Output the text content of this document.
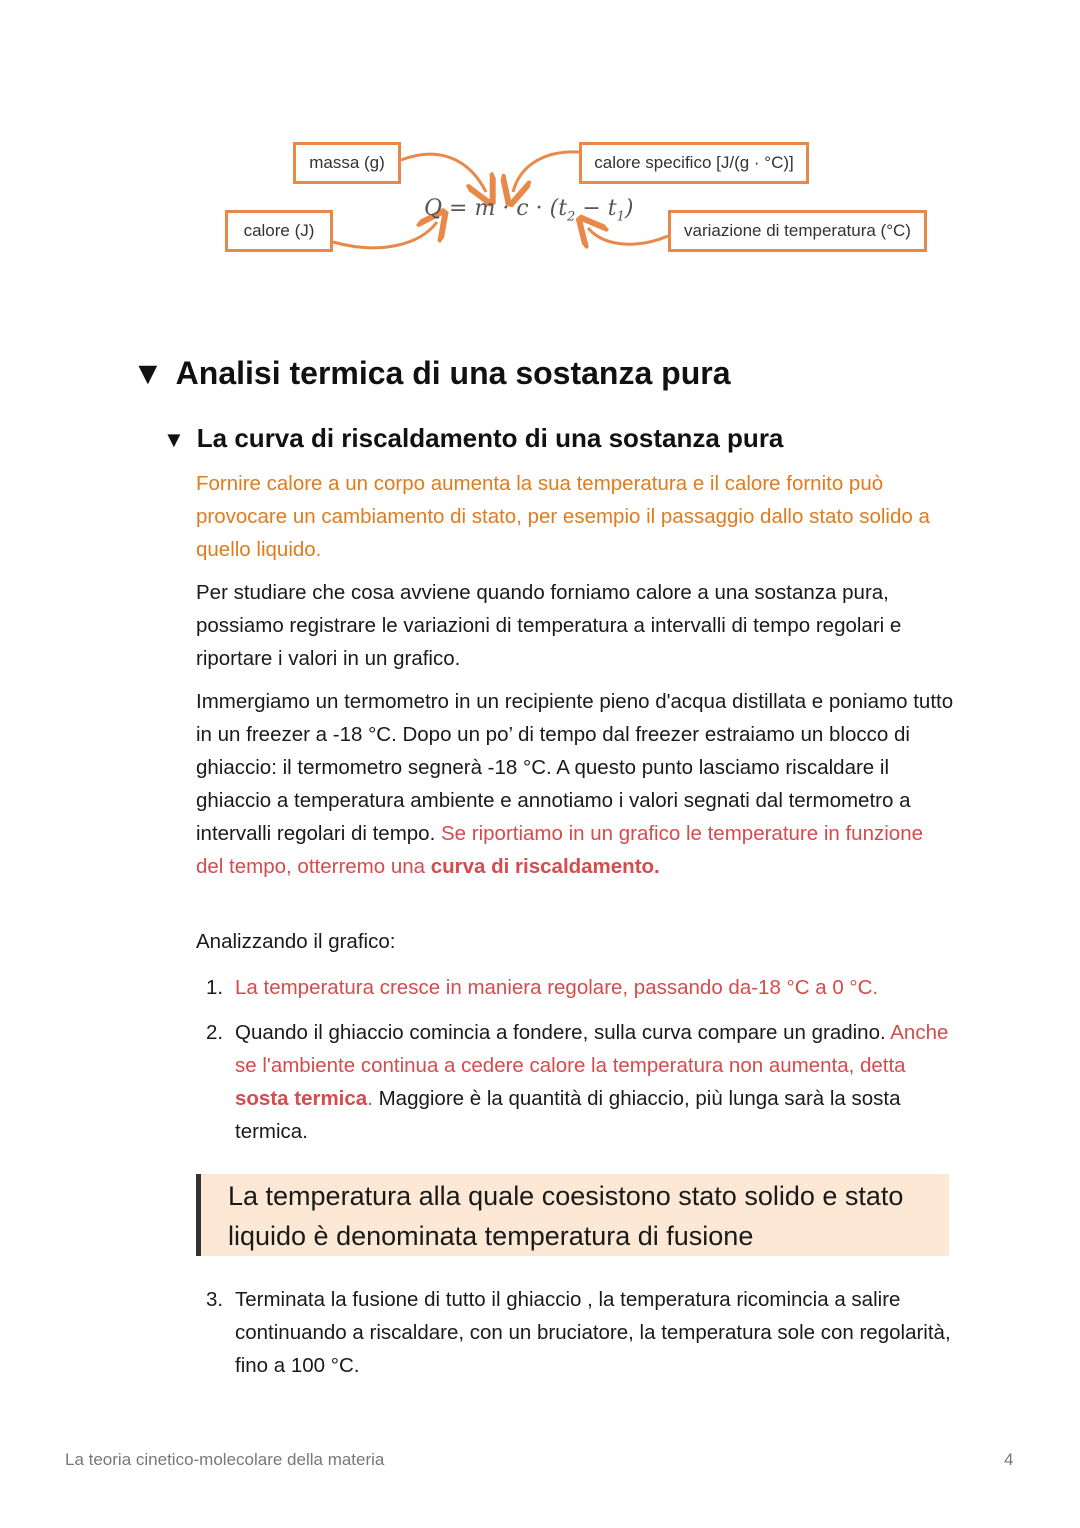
massa (g)	calore specifico [J/(g · °C)]
calore (J)	variazione di temperatura (°C)
$Q = m \cdot c \cdot (t_2 - t_1)$
▼ Analisi termica di una sostanza pura
▼ La curva di riscaldamento di una sostanza pura

Fornire calore a un corpo aumenta la sua temperatura e il calore fornito può provocare un cambiamento di stato, per esempio il passaggio dallo stato solido a quello liquido.

Per studiare che cosa avviene quando forniamo calore a una sostanza pura, possiamo registrare le variazioni di temperatura a intervalli di tempo regolari e riportare i valori in un grafico.

Immergiamo un termometro in un recipiente pieno d'acqua distillata e poniamo tutto in un freezer a -18 °C. Dopo un po’ di tempo dal freezer estraiamo un blocco di ghiaccio: il termometro segnerà -18 °C. A questo punto lasciamo riscaldare il ghiaccio a temperatura ambiente e annotiamo i valori segnati dal termometro a intervalli regolari di tempo. Se riportiamo in un grafico le temperature in funzione del tempo, otterremo una curva di riscaldamento.

Analizzando il grafico:

1. La temperatura cresce in maniera regolare, passando da-18 °C a 0 °C.
2. Quando il ghiaccio comincia a fondere, sulla curva compare un gradino. Anche se l'ambiente continua a cedere calore la temperatura non aumenta, detta sosta termica. Maggiore è la quantità di ghiaccio, più lunga sarà la sosta termica.

La temperatura alla quale coesistono stato solido e stato liquido è denominata temperatura di fusione

3. Terminata la fusione di tutto il ghiaccio , la temperatura ricomincia a salire continuando a riscaldare, con un bruciatore, la temperatura sole con regolarità, fino a 100 °C.
La teoria cinetico-molecolare della materia	4
